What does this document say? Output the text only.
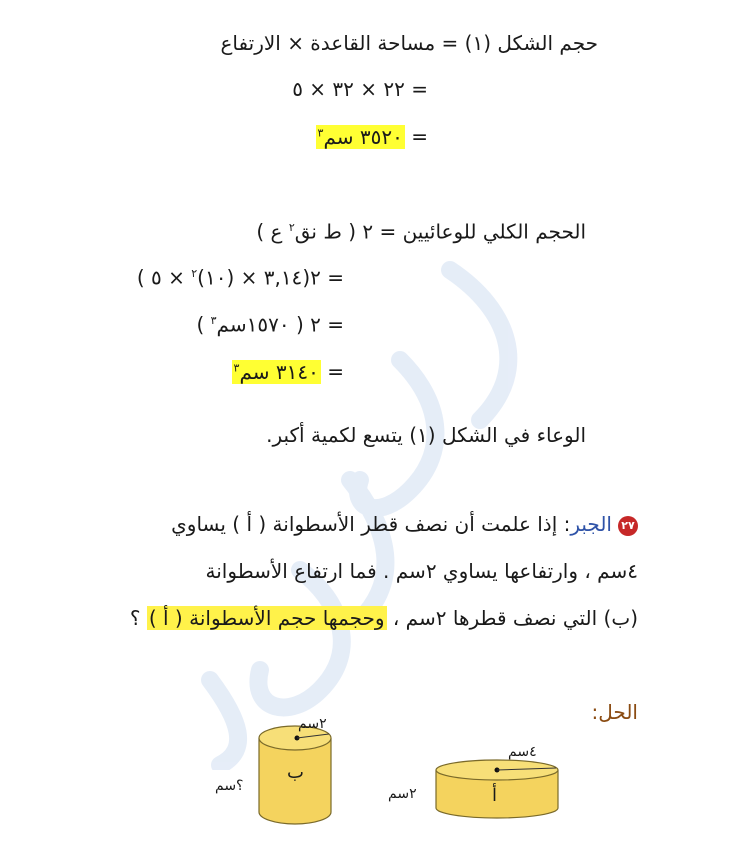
حجم الشكل (١) = مساحة القاعدة × الارتفاع
= ٢٢ × ٣٢ × ٥
= ٣٥٢٠ سم$^٣$
الحجم الكلي للوعائيين = ٢ ( ط نق$^٢$ ع )
= ٢(٣,١٤ × (١٠)$^٢$ × ٥ )
= ٢ ( ١٥٧٠سم$^٣$ )
= ٣١٤٠ سم$^٣$
الوعاء في الشكل (١) يتسع لكمية أكبر.
٢٧الجبر: إذا علمت أن نصف قطر الأسطوانة ( أ ) يساوي
٤سم ، وارتفاعها يساوي ٢سم . فما ارتفاع الأسطوانة
(ب) التي نصف قطرها ٢سم ، وحجمها حجم الأسطوانة ( أ ) ؟
الحل:
٢سم
ب
؟سم
٤سم
أ
٢سم
